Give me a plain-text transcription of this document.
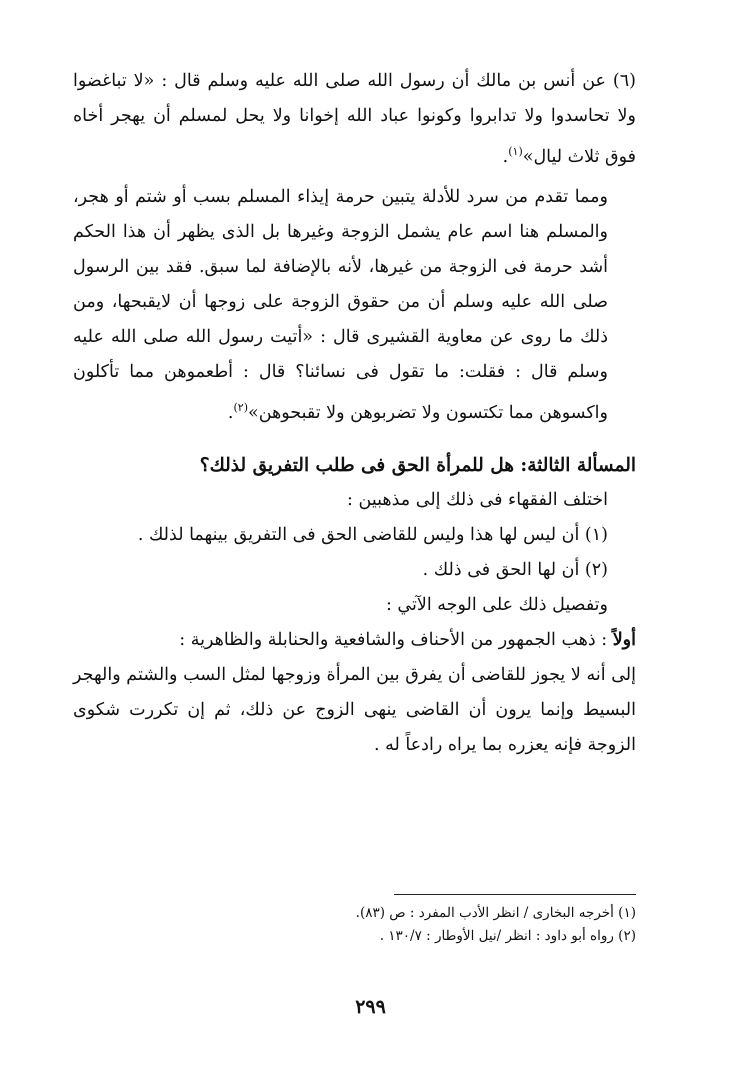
(٦) عن أنس بن مالك أن رسول الله صلى الله عليه وسلم قال : «لا تباغضوا ولا تحاسدوا ولا تدابروا وكونوا عباد الله إخوانا ولا يحل لمسلم أن يهجر أخاه فوق ثلاث ليال»$^{(١)}$.

ومما تقدم من سرد للأدلة يتبين حرمة إيذاء المسلم بسب أو شتم أو هجر، والمسلم هنا اسم عام يشمل الزوجة وغيرها بل الذى يظهر أن هذا الحكم أشد حرمة فى الزوجة من غيرها، لأنه بالإضافة لما سبق. فقد بين الرسول صلى الله عليه وسلم أن من حقوق الزوجة على زوجها أن لايقبحها، ومن ذلك ما روى عن معاوية القشيرى قال : «أتيت رسول الله صلى الله عليه وسلم قال : فقلت: ما تقول فى نسائنا؟ قال : أطعموهن مما تأكلون واكسوهن مما تكتسون ولا تضربوهن ولا تقبحوهن»$^{(٢)}$.

المسألة الثالثة: هل للمرأة الحق فى طلب التفريق لذلك؟

اختلف الفقهاء فى ذلك إلى مذهبين :

(١) أن ليس لها هذا وليس للقاضى الحق فى التفريق بينهما لذلك .

(٢) أن لها الحق فى ذلك .

وتفصيل ذلك على الوجه الآتي :

أولاً : ذهب الجمهور من الأحناف والشافعية والحنابلة والظاهرية :

إلى أنه لا يجوز للقاضى أن يفرق بين المرأة وزوجها لمثل السب والشتم والهجر البسيط وإنما يرون أن القاضى ينهى الزوج عن ذلك، ثم إن تكررت شكوى الزوجة فإنه يعزره بما يراه رادعاً له .

(١) أخرجه البخارى / انظر الأدب المفرد : ص (٨٣).

(٢) رواه أبو داود : انظر /نيل الأوطار : ١٣٠/٧ .

٢٩٩
